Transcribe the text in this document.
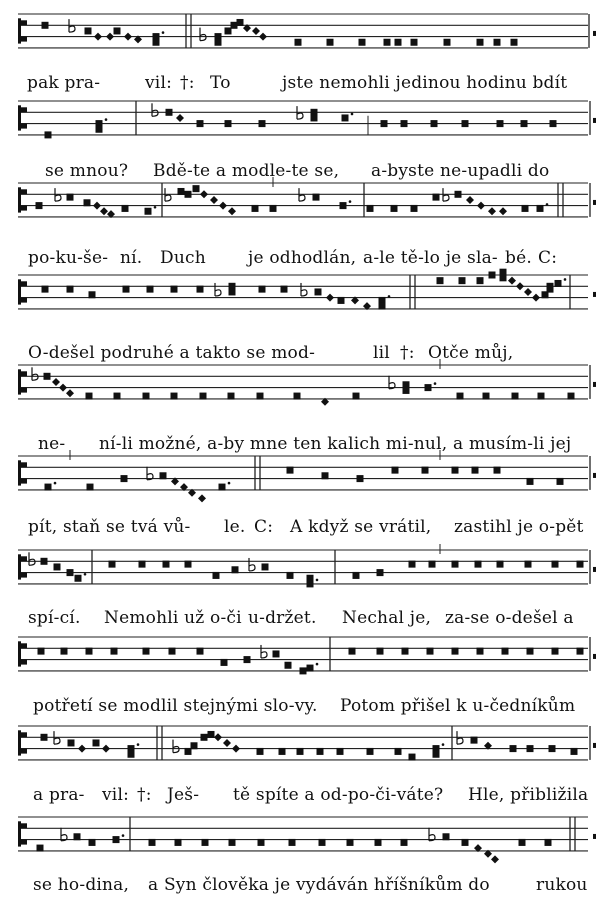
pak pra-	vil: †: To	jste nemohli jedinou hodinu bdít
se mnou? Bdě-te a modle-te se, a-byste ne-upadli do
po-ku-še- ní. Duch je odhodlán, a-le tě-lo je sla- bé. C:
O-dešel podruhé a takto se mod-	lil †: Otče můj,
ne- ní-li možné, a-by mne ten kalich mi-nul, a musím-li jej
pít, staň se tvá vů- le. C: A když se vrátil, zastihl je o-pět
spí-cí. Nemohli už o-či u-držet. Nechal je, za-se o-dešel a
potřetí se modlil stejnými slo-vy. Potom přišel k u-čedníkům
a pra- vil: †: Ješ- tě spíte a od-po-či-váte? Hle, přibližila
se ho-dina, a Syn člověka je vydáván hříšníkům do	rukou
